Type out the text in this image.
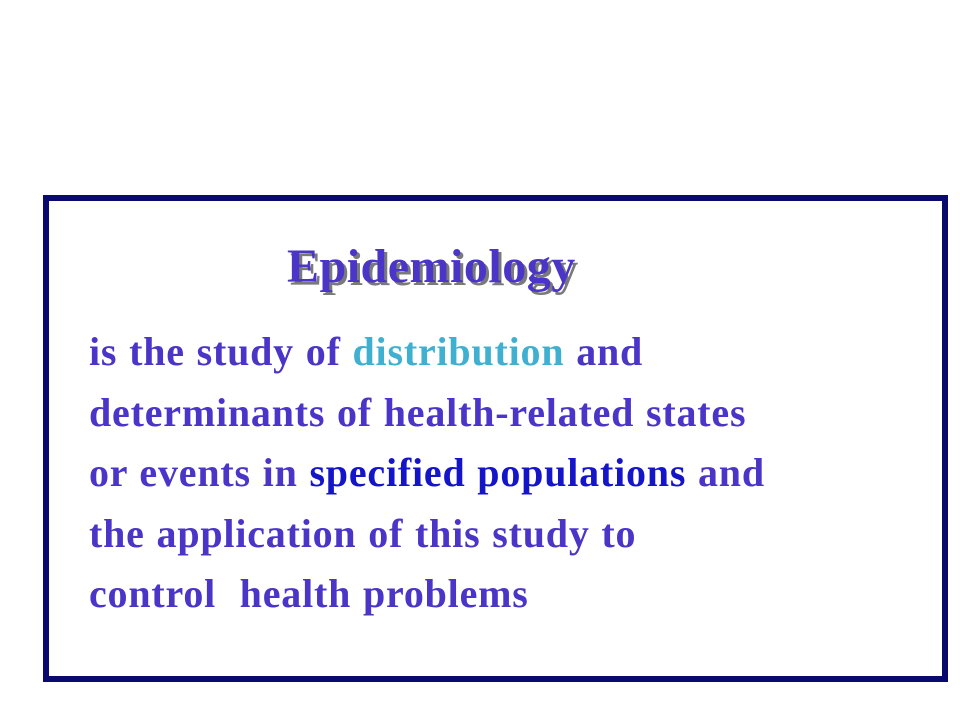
Epidemiology

is the study of distribution and
determinants of health-related states
or events in specified populations and
the application of this study to
control  health problems
